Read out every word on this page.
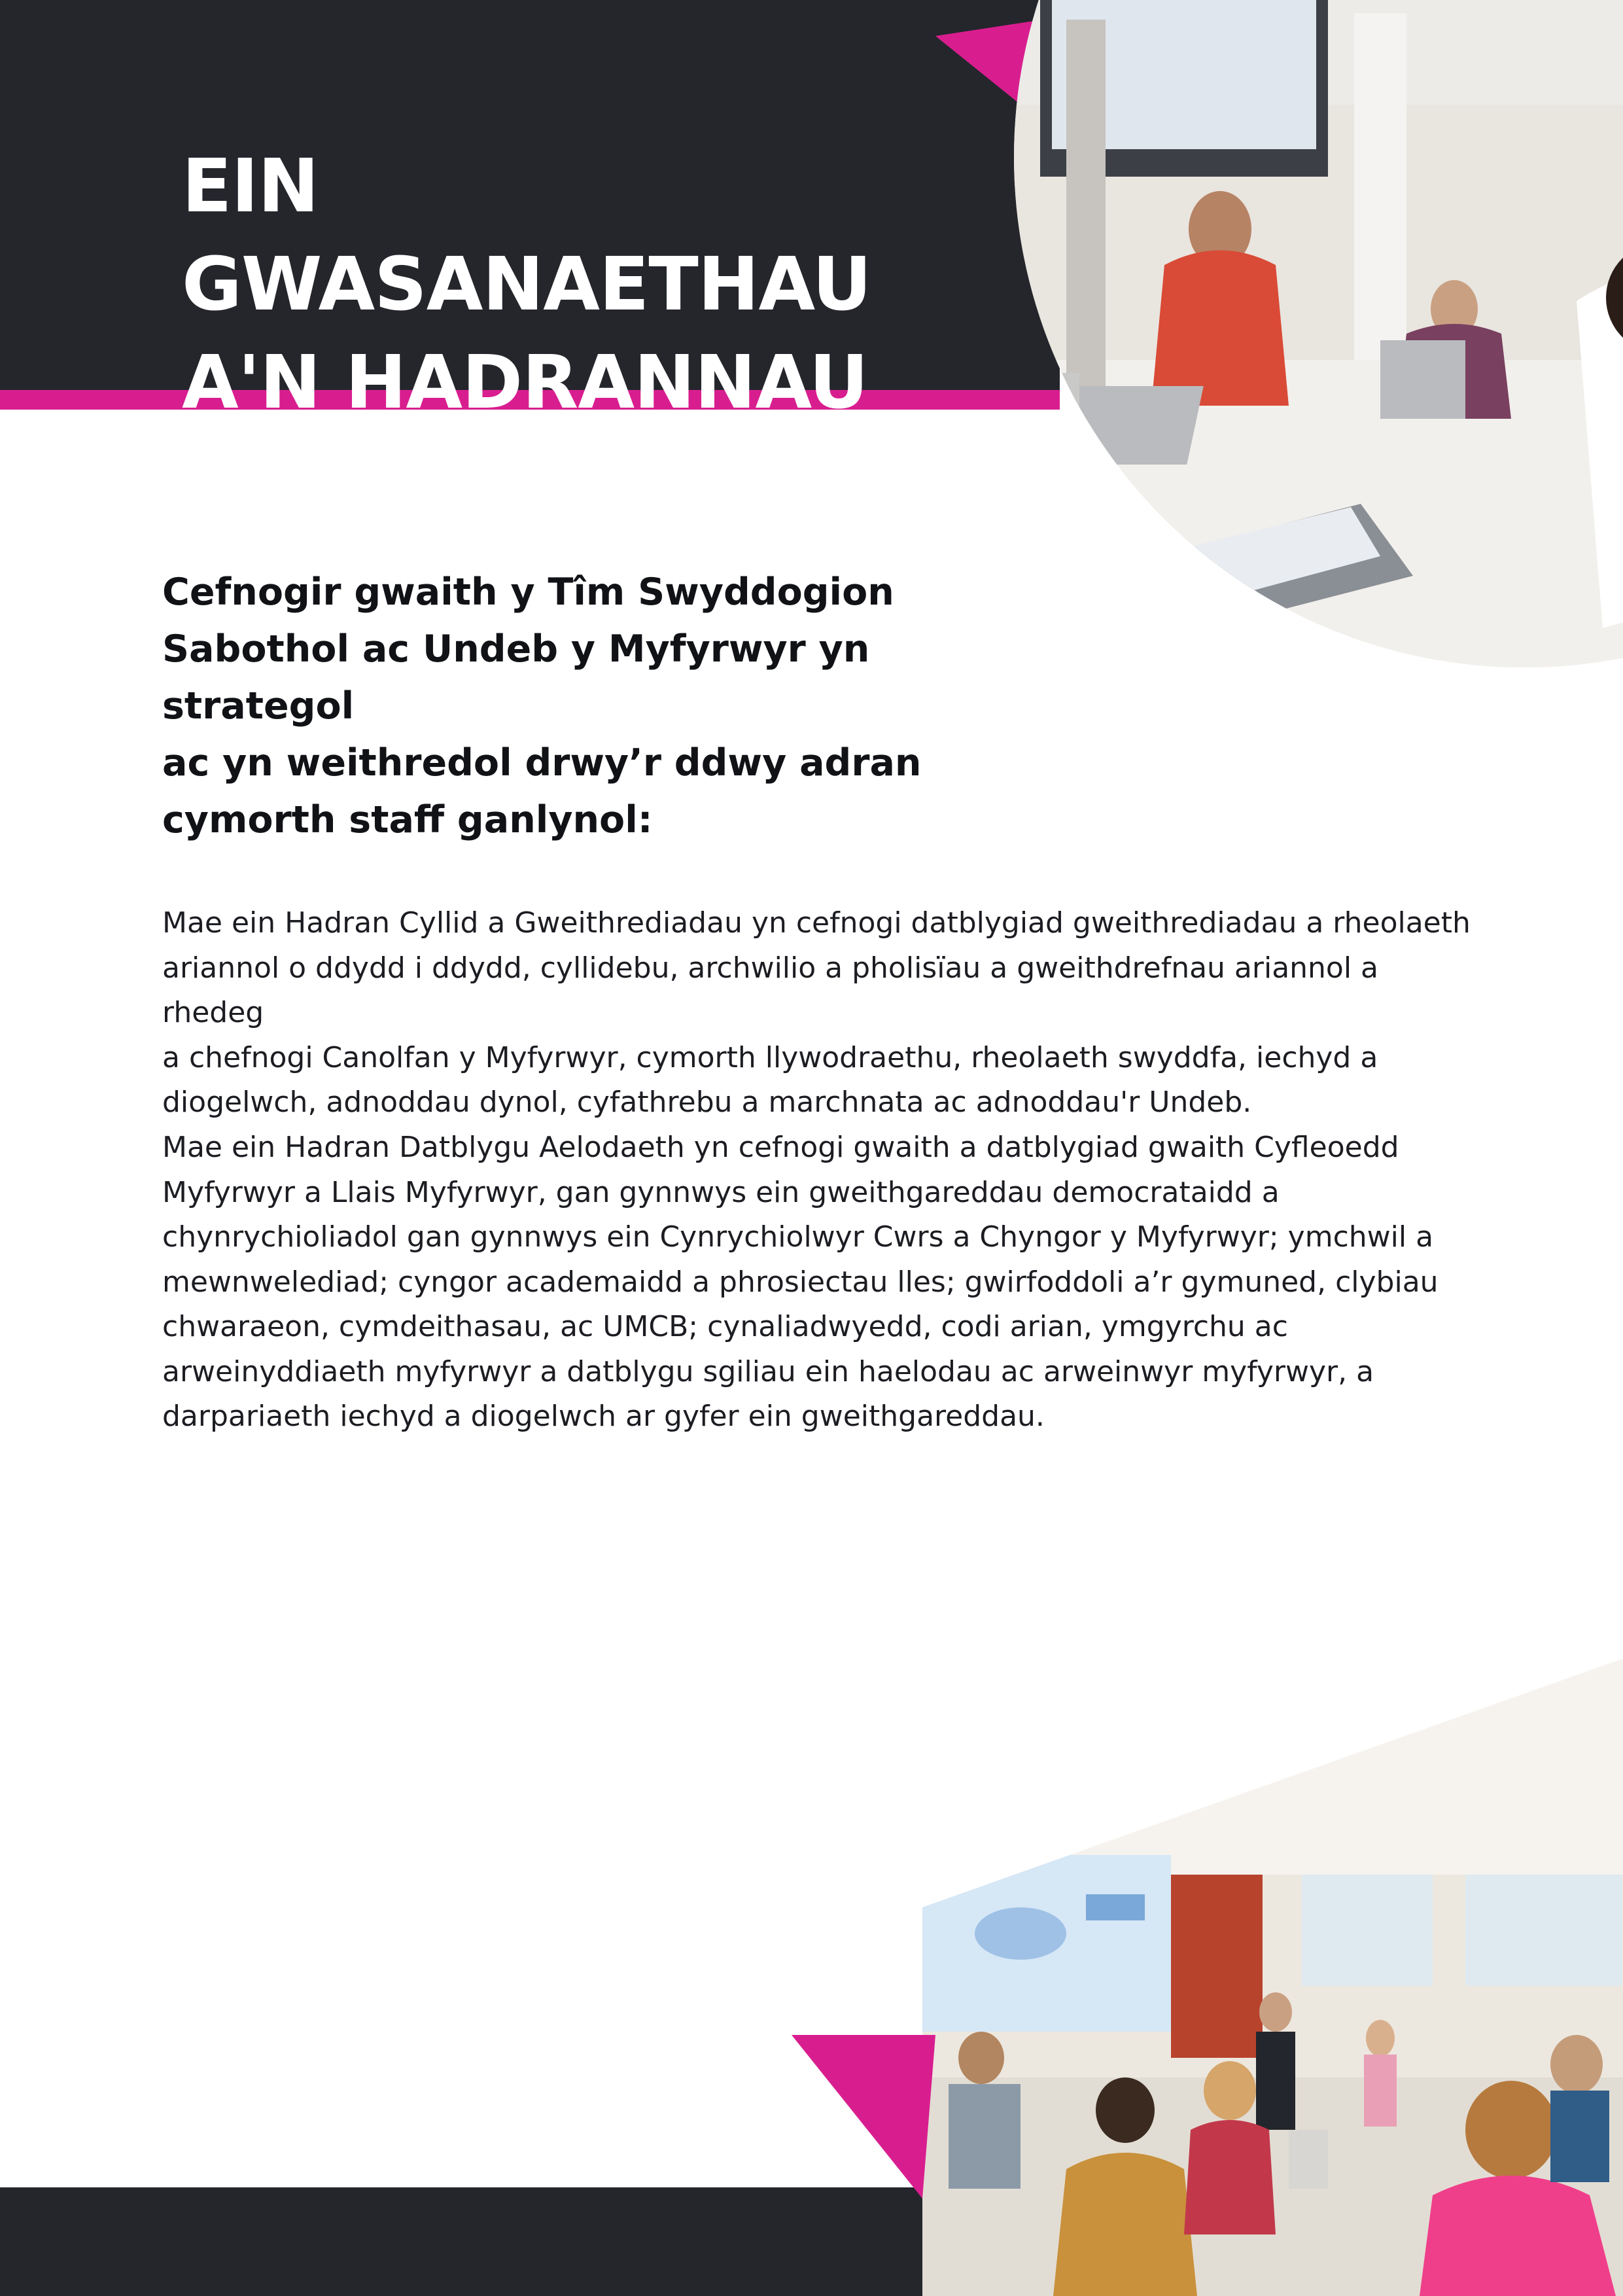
EIN GWASANAETHAU
A'N HADRANNAU

Cefnogir gwaith y Tîm Swyddogion
Sabothol ac Undeb y Myfyrwyr yn strategol
ac yn weithredol drwy’r ddwy adran
cymorth staff ganlynol:

Mae ein Hadran Cyllid a Gweithrediadau yn cefnogi datblygiad gweithrediadau a rheolaeth
ariannol o ddydd i ddydd, cyllidebu, archwilio a pholisïau a gweithdrefnau ariannol a rhedeg
a chefnogi Canolfan y Myfyrwyr, cymorth llywodraethu, rheolaeth swyddfa, iechyd a
diogelwch, adnoddau dynol, cyfathrebu a marchnata ac adnoddau'r Undeb.

Mae ein Hadran Datblygu Aelodaeth yn cefnogi gwaith a datblygiad gwaith Cyfleoedd
Myfyrwyr a Llais Myfyrwyr, gan gynnwys ein gweithgareddau democrataidd a
chynrychioliadol gan gynnwys ein Cynrychiolwyr Cwrs a Chyngor y Myfyrwyr; ymchwil a
mewnwelediad; cyngor academaidd a phrosiectau lles; gwirfoddoli a’r gymuned, clybiau
chwaraeon, cymdeithasau, ac UMCB; cynaliadwyedd, codi arian, ymgyrchu ac
arweinyddiaeth myfyrwyr a datblygu sgiliau ein haelodau ac arweinwyr myfyrwyr, a
darpariaeth iechyd a diogelwch ar gyfer ein gweithgareddau.
